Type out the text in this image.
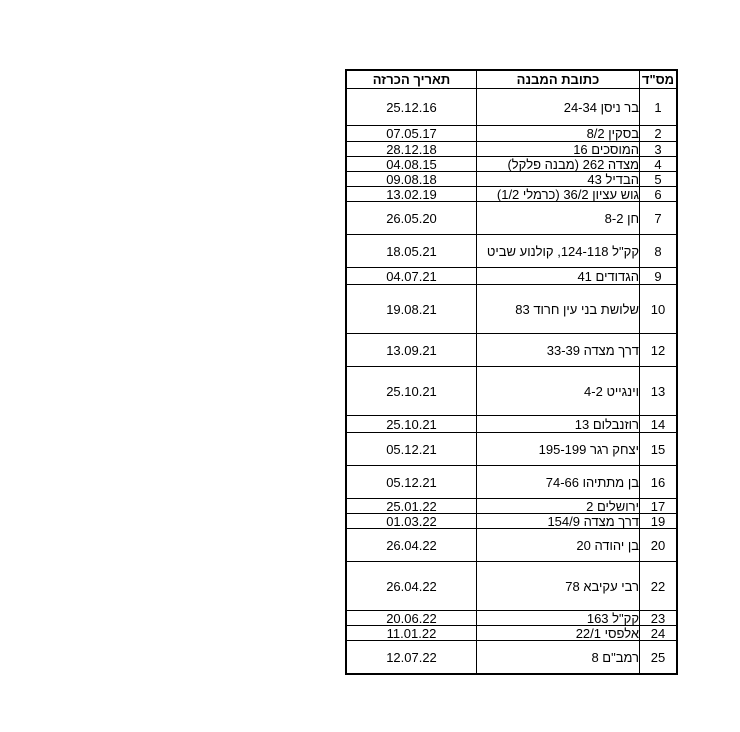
מס"ד	כתובת המבנה	תאריך הכרזה
1	בר ניסן 24-34	25.12.16
2	בסקין 8/2	07.05.17
3	המוסכים 16	28.12.18
4	מצדה 262 (מבנה פלקל)	04.08.15
5	הבדיל 43	09.08.18
6	גוש עציון 36/2 (כרמלי 1/2)	13.02.19
7	חן 8-2	26.05.20
8	קק"ל 124-118, קולנוע שביט	18.05.21
9	הגדודים 41	04.07.21
10	שלושת בני עין חרוד 83	19.08.21
12	דרך מצדה 33-39	13.09.21
13	וינגייט 4-2	25.10.21
14	רוזנבלום 13	25.10.21
15	יצחק רגר 195-199	05.12.21
16	בן מתתיהו 74-66	05.12.21
17	ירושלים 2	25.01.22
19	דרך מצדה 154/9	01.03.22
20	בן יהודה 20	26.04.22
22	רבי עקיבא 78	26.04.22
23	קק"ל 163	20.06.22
24	אלפסי 22/1	11.01.22
25	רמב"ם 8	12.07.22
